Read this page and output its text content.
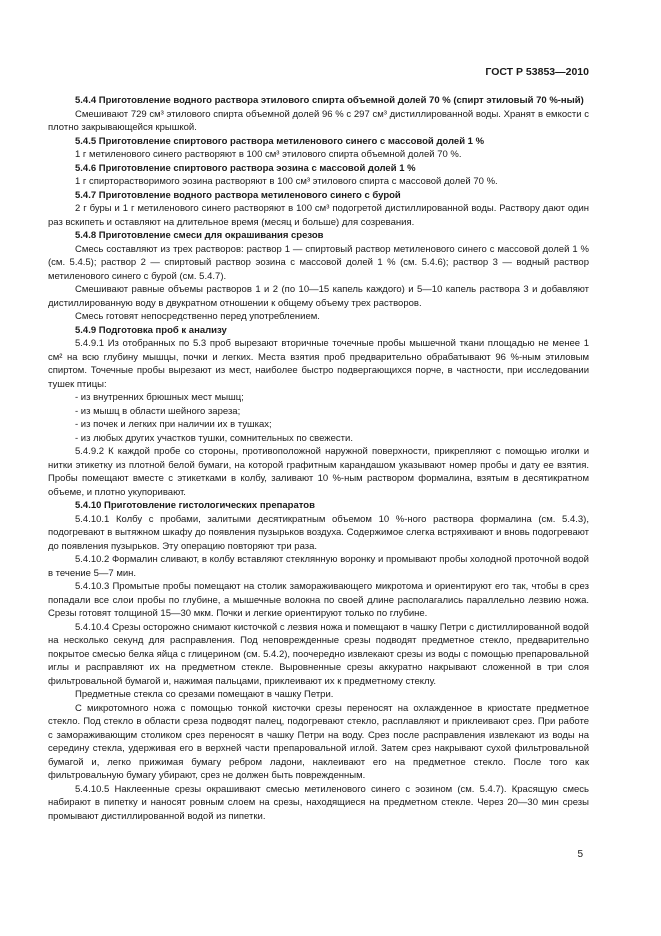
ГОСТ Р 53853—2010

5.4.4 Приготовление водного раствора этилового спирта объемной долей 70 % (спирт этиловый 70 %-ный)

Смешивают 729 см³ этилового спирта объемной долей 96 % с 297 см³ дистиллированной воды. Хранят в емкости с плотно закрывающейся крышкой.

5.4.5 Приготовление спиртового раствора метиленового синего с массовой долей 1 %

1 г метиленового синего растворяют в 100 см³ этилового спирта объемной долей 70 %.

5.4.6 Приготовление спиртового раствора эозина с массовой долей 1 %

1 г спирторастворимого эозина растворяют в 100 см³ этилового спирта с массовой долей 70 %.

5.4.7 Приготовление водного раствора метиленового синего с бурой

2 г буры и 1 г метиленового синего растворяют в 100 см³ подогретой дистиллированной воды. Раствору дают один раз вскипеть и оставляют на длительное время (месяц и больше) для созревания.

5.4.8 Приготовление смеси для окрашивания срезов

Смесь составляют из трех растворов: раствор 1 — спиртовый раствор метиленового синего с массовой долей 1 % (см. 5.4.5); раствор 2 — спиртовый раствор эозина с массовой долей 1 % (см. 5.4.6); раствор 3 — водный раствор метиленового синего с бурой (см. 5.4.7).

Смешивают равные объемы растворов 1 и 2 (по 10—15 капель каждого) и 5—10 капель раствора 3 и добавляют дистиллированную воду в двукратном отношении к общему объему трех растворов.

Смесь готовят непосредственно перед употреблением.

5.4.9 Подготовка проб к анализу

5.4.9.1 Из отобранных по 5.3 проб вырезают вторичные точечные пробы мышечной ткани площадью не менее 1 см² на всю глубину мышцы, почки и легких. Места взятия проб предварительно обрабатывают 96 %-ным этиловым спиртом. Точечные пробы вырезают из мест, наиболее быстро подвергающихся порче, в частности, при исследовании тушек птицы:

- из внутренних брюшных мест мышц;

- из мышц в области шейного зареза;

- из почек и легких при наличии их в тушках;

- из любых других участков тушки, сомнительных по свежести.

5.4.9.2 К каждой пробе со стороны, противоположной наружной поверхности, прикрепляют с помощью иголки и нитки этикетку из плотной белой бумаги, на которой графитным карандашом указывают номер пробы и дату ее взятия. Пробы помещают вместе с этикетками в колбу, заливают 10 %-ным раствором формалина, взятым в десятикратном объеме, и плотно укупоривают.

5.4.10 Приготовление гистологических препаратов

5.4.10.1 Колбу с пробами, залитыми десятикратным объемом 10 %-ного раствора формалина (см. 5.4.3), подогревают в вытяжном шкафу до появления пузырьков воздуха. Содержимое слегка встряхивают и вновь подогревают до появления пузырьков. Эту операцию повторяют три раза.

5.4.10.2 Формалин сливают, в колбу вставляют стеклянную воронку и промывают пробы холодной проточной водой в течение 5—7 мин.

5.4.10.3 Промытые пробы помещают на столик замораживающего микротома и ориентируют его так, чтобы в срез попадали все слои пробы по глубине, а мышечные волокна по своей длине располагались параллельно лезвию ножа. Срезы готовят толщиной 15—30 мкм. Почки и легкие ориентируют только по глубине.

5.4.10.4 Срезы осторожно снимают кисточкой с лезвия ножа и помещают в чашку Петри с дистиллированной водой на несколько секунд для расправления. Под неповрежденные срезы подводят предметное стекло, предварительно покрытое смесью белка яйца с глицерином (см. 5.4.2), поочередно извлекают срезы из воды с помощью препаровальной иглы и расправляют их на предметном стекле. Выровненные срезы аккуратно накрывают сложенной в три слоя фильтровальной бумагой и, нажимая пальцами, приклеивают их к предметному стеклу.

Предметные стекла со срезами помещают в чашку Петри.

С микротомного ножа с помощью тонкой кисточки срезы переносят на охлажденное в криостате предметное стекло. Под стекло в области среза подводят палец, подогревают стекло, расплавляют и приклеивают срез. При работе с замораживающим столиком срез переносят в чашку Петри на воду. Срез после расправления извлекают из воды на середину стекла, удерживая его в верхней части препаровальной иглой. Затем срез накрывают сухой фильтровальной бумагой и, легко прижимая бумагу ребром ладони, наклеивают его на предметное стекло. После того как фильтровальную бумагу убирают, срез не должен быть поврежденным.

5.4.10.5 Наклеенные срезы окрашивают смесью метиленового синего с эозином (см. 5.4.7). Красящую смесь набирают в пипетку и наносят ровным слоем на срезы, находящиеся на предметном стекле. Через 20—30 мин срезы промывают дистиллированной водой из пипетки.

5
